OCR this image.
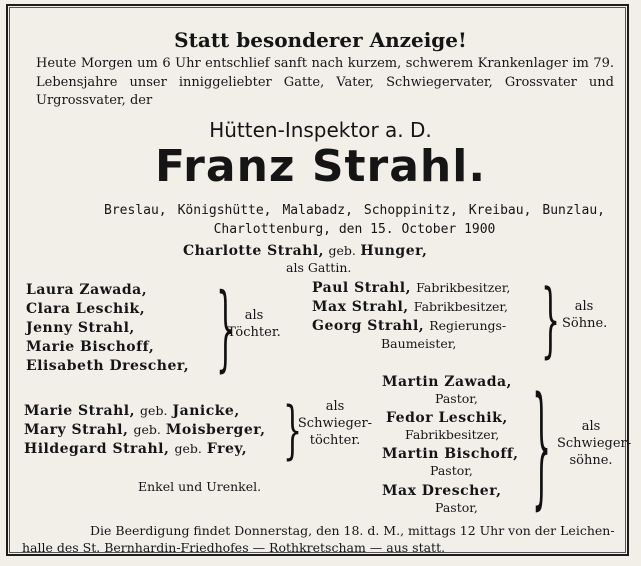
Statt besonderer Anzeige!
Heute Morgen um 6 Uhr entschlief sanft nach kurzem, schwerem Krankenlager im 79. Lebensjahre unser inniggeliebter Gatte, Vater, Schwiegervater, Grossvater und Urgrossvater, der
Hütten-Inspektor a. D.
Franz Strahl.
Breslau, Königshütte, Malabadz, Schoppinitz, Kreibau, Bunzlau, Charlottenburg, den 15. October 1900
Charlotte Strahl, geb. Hunger,
als Gattin.
Laura Zawada,
Clara Leschik,
Jenny Strahl,
Marie Bischoff,
Elisabeth Drescher, } als
Töchter.
Paul Strahl, Fabrikbesitzer,
Max Strahl, Fabrikbesitzer,
Georg Strahl, Regierungs-
Baumeister,	}	als
Söhne.
Marie Strahl, geb. Janicke,
Mary Strahl, geb. Moisberger,
Hildegard Strahl, geb. Frey, }	als
Schwieger-
töchter.
Enkel und Urenkel.
Martin Zawada,
Pastor,
Fedor Leschik,
Fabrikbesitzer,
Martin Bischoff,
Pastor,
Max Drescher,
Pastor, }	als
Schwieger-
söhne.
Die Beerdigung findet Donnerstag, den 18. d. M., mittags 12 Uhr von der Leichen-
halle des St. Bernhardin-Friedhofes — Rothkretscham — aus statt.
